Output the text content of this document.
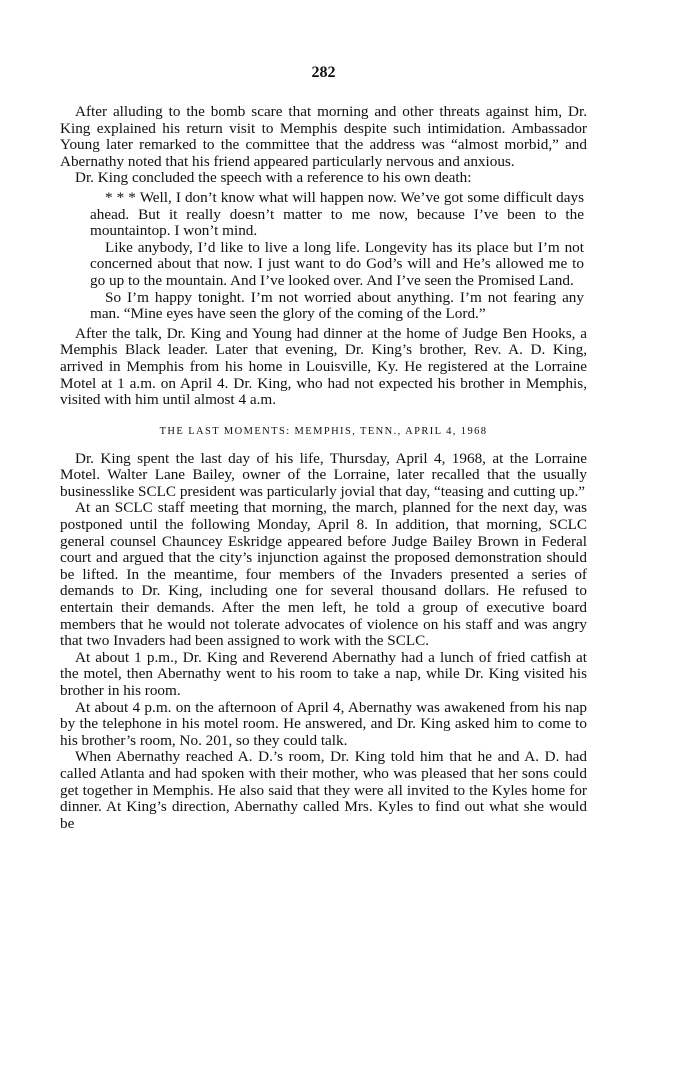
282

After alluding to the bomb scare that morning and other threats against him, Dr. King explained his return visit to Memphis despite such intimidation. Ambassador Young later remarked to the committee that the address was “almost morbid,” and Abernathy noted that his friend appeared particularly nervous and anxious.

Dr. King concluded the speech with a reference to his own death:

* * * Well, I don’t know what will happen now. We’ve got some difficult days ahead. But it really doesn’t matter to me now, because I’ve been to the mountaintop. I won’t mind.

Like anybody, I’d like to live a long life. Longevity has its place but I’m not concerned about that now. I just want to do God’s will and He’s allowed me to go up to the mountain. And I’ve looked over. And I’ve seen the Promised Land.

So I’m happy tonight. I’m not worried about anything. I’m not fearing any man. “Mine eyes have seen the glory of the coming of the Lord.”

After the talk, Dr. King and Young had dinner at the home of Judge Ben Hooks, a Memphis Black leader. Later that evening, Dr. King’s brother, Rev. A. D. King, arrived in Memphis from his home in Louisville, Ky. He registered at the Lorraine Motel at 1 a.m. on April 4. Dr. King, who had not expected his brother in Memphis, visited with him until almost 4 a.m.

THE LAST MOMENTS: MEMPHIS, TENN., APRIL 4, 1968

Dr. King spent the last day of his life, Thursday, April 4, 1968, at the Lorraine Motel. Walter Lane Bailey, owner of the Lorraine, later recalled that the usually businesslike SCLC president was particularly jovial that day, “teasing and cutting up.”

At an SCLC staff meeting that morning, the march, planned for the next day, was postponed until the following Monday, April 8. In addition, that morning, SCLC general counsel Chauncey Eskridge appeared before Judge Bailey Brown in Federal court and argued that the city’s injunction against the proposed demonstration should be lifted. In the meantime, four members of the Invaders presented a series of demands to Dr. King, including one for several thousand dollars. He refused to entertain their demands. After the men left, he told a group of executive board members that he would not tolerate advocates of violence on his staff and was angry that two Invaders had been assigned to work with the SCLC.

At about 1 p.m., Dr. King and Reverend Abernathy had a lunch of fried catfish at the motel, then Abernathy went to his room to take a nap, while Dr. King visited his brother in his room.

At about 4 p.m. on the afternoon of April 4, Abernathy was awakened from his nap by the telephone in his motel room. He answered, and Dr. King asked him to come to his brother’s room, No. 201, so they could talk.

When Abernathy reached A. D.’s room, Dr. King told him that he and A. D. had called Atlanta and had spoken with their mother, who was pleased that her sons could get together in Memphis. He also said that they were all invited to the Kyles home for dinner. At King’s direction, Abernathy called Mrs. Kyles to find out what she would be
